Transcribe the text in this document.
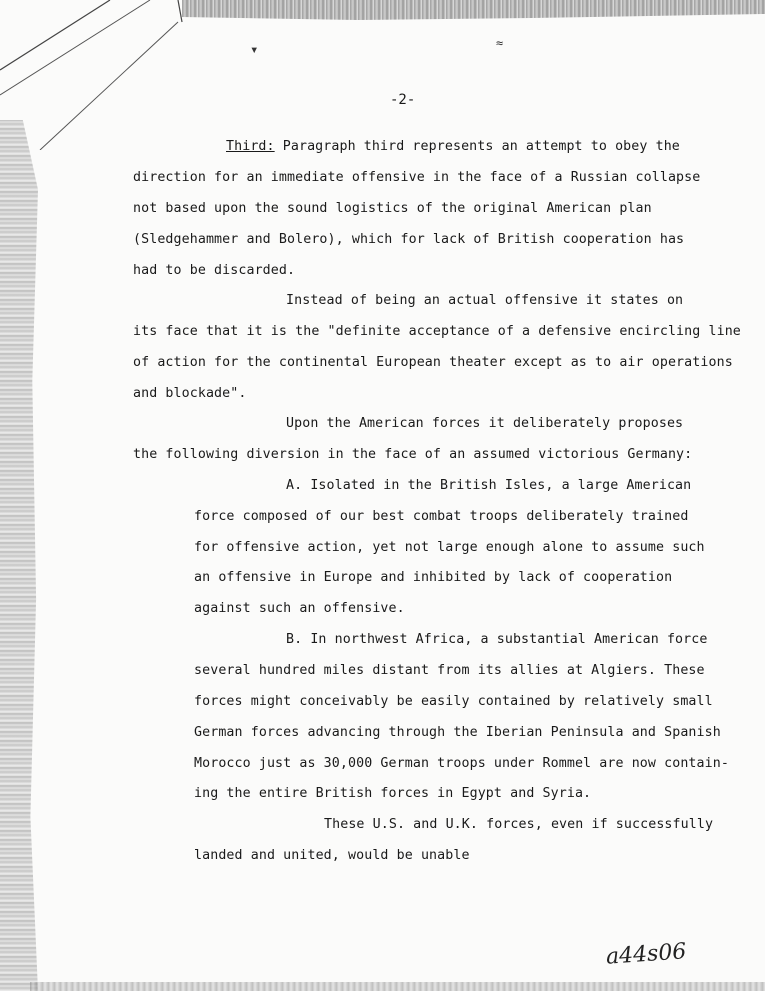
▾	≈
-2-
Third: Paragraph third represents an attempt to obey the
direction for an immediate offensive in the face of a Russian collapse
not based upon the sound logistics of the original American plan
(Sledgehammer and Bolero), which for lack of British cooperation has
had to be discarded.
Instead of being an actual offensive it states on
its face that it is the "definite acceptance of a defensive encircling line
of action for the continental European theater except as to air operations
and blockade".
Upon the American forces it deliberately proposes
the following diversion in the face of an assumed victorious Germany:
A. Isolated in the British Isles, a large American
force composed of our best combat troops deliberately trained
for offensive action, yet not large enough alone to assume such
an offensive in Europe and inhibited by lack of cooperation
against such an offensive.
B. In northwest Africa, a substantial American force
several hundred miles distant from its allies at Algiers. These
forces might conceivably be easily contained by relatively small
German forces advancing through the Iberian Peninsula and Spanish
Morocco just as 30,000 German troops under Rommel are now contain-
ing the entire British forces in Egypt and Syria.
These U.S. and U.K. forces, even if successfully
landed and united, would be unable
a44s06
